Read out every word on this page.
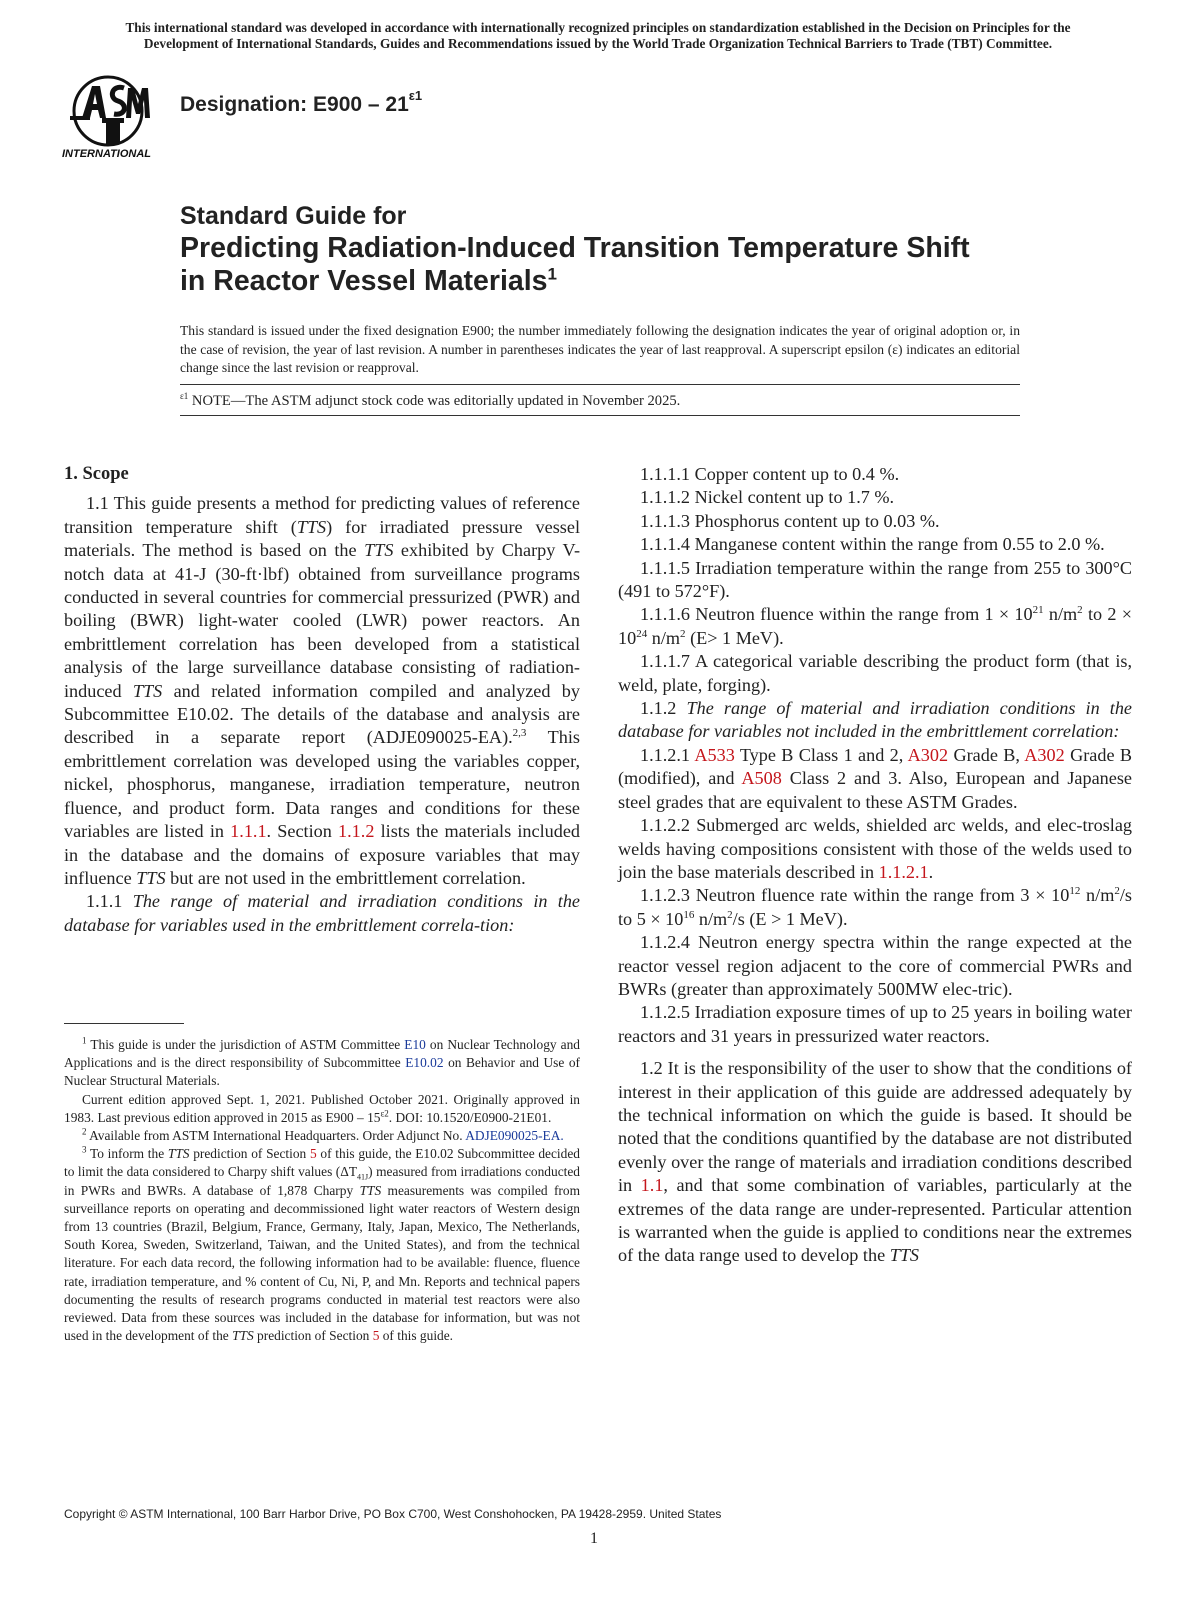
This international standard was developed in accordance with internationally recognized principles on standardization established in the Decision on Principles for the
Development of International Standards, Guides and Recommendations issued by the World Trade Organization Technical Barriers to Trade (TBT) Committee.
INTERNATIONAL
Designation: $E900 - 21^{\varepsilon 1}$
Standard Guide for
Predicting Radiation-Induced Transition Temperature Shift
in Reactor Vessel Materials$^1$
This standard is issued under the fixed designation E900; the number immediately following the designation indicates the year of original adoption or, in the case of revision, the year of last revision. A number in parentheses indicates the year of last reapproval. A superscript epsilon (ε) indicates an editorial change since the last revision or reapproval.
$^{\varepsilon 1}$ NOTE—The ASTM adjunct stock code was editorially updated in November 2025.

1. Scope

1.1 This guide presents a method for predicting values of reference transition temperature shift (TTS) for irradiated pressure vessel materials. The method is based on the TTS exhibited by Charpy V-notch data at 41-J (30-ft·lbf) obtained from surveillance programs conducted in several countries for commercial pressurized (PWR) and boiling (BWR) light-water cooled (LWR) power reactors. An embrittlement correlation has been developed from a statistical analysis of the large surveillance database consisting of radiation-induced TTS and related information compiled and analyzed by Subcommittee E10.02. The details of the database and analysis are described in a separate report (ADJE090025-EA).$^{2,3}$ This embrittlement correlation was developed using the variables copper, nickel, phosphorus, manganese, irradiation temperature, neutron fluence, and product form. Data ranges and conditions for these variables are listed in 1.1.1. Section 1.1.2 lists the materials included in the database and the domains of exposure variables that may influence TTS but are not used in the embrittlement correlation.

1.1.1 The range of material and irradiation conditions in the database for variables used in the embrittlement correla-tion:

$^1$ This guide is under the jurisdiction of ASTM Committee E10 on Nuclear Technology and Applications and is the direct responsibility of Subcommittee E10.02 on Behavior and Use of Nuclear Structural Materials.

Current edition approved Sept. 1, 2021. Published October 2021. Originally approved in 1983. Last previous edition approved in 2015 as $E900 - 15^{\varepsilon 2}$. DOI: 10.1520/E0900-21E01.

$^2$ Available from ASTM International Headquarters. Order Adjunct No. ADJE090025-EA.

$^3$ To inform the TTS prediction of Section 5 of this guide, the E10.02 Subcommittee decided to limit the data considered to Charpy shift values $(\Delta T_{41J})$ measured from irradiations conducted in PWRs and BWRs. A database of 1,878 Charpy TTS measurements was compiled from surveillance reports on operating and decommissioned light water reactors of Western design from 13 countries (Brazil, Belgium, France, Germany, Italy, Japan, Mexico, The Netherlands, South Korea, Sweden, Switzerland, Taiwan, and the United States), and from the technical literature. For each data record, the following information had to be available: fluence, fluence rate, irradiation temperature, and % content of Cu, Ni, P, and Mn. Reports and technical papers documenting the results of research programs conducted in material test reactors were also reviewed. Data from these sources was included in the database for information, but was not used in the development of the TTS prediction of Section 5 of this guide.

1.1.1.1 Copper content up to 0.4 %.

1.1.1.2 Nickel content up to 1.7 %.

1.1.1.3 Phosphorus content up to 0.03 %.

1.1.1.4 Manganese content within the range from 0.55 to 2.0 %.

1.1.1.5 Irradiation temperature within the range from 255 to 300°C (491 to 572°F).

1.1.1.6 Neutron fluence within the range from $1 \times 10^{21}$ $n/m^2$ to $2 \times 10^{24}$ $n/m^2$ (E> 1 MeV).

1.1.1.7 A categorical variable describing the product form (that is, weld, plate, forging).

1.1.2 The range of material and irradiation conditions in the database for variables not included in the embrittlement correlation:

1.1.2.1 A533 Type B Class 1 and 2, A302 Grade B, A302 Grade B (modified), and A508 Class 2 and 3. Also, European and Japanese steel grades that are equivalent to these ASTM Grades.

1.1.2.2 Submerged arc welds, shielded arc welds, and elec-troslag welds having compositions consistent with those of the welds used to join the base materials described in 1.1.2.1.

1.1.2.3 Neutron fluence rate within the range from $3 \times 10^{12}$ $n/m^2/s$ to $5 \times 10^{16}$ $n/m^2/s$ (E > 1 MeV).

1.1.2.4 Neutron energy spectra within the range expected at the reactor vessel region adjacent to the core of commercial PWRs and BWRs (greater than approximately 500MW elec-tric).

1.1.2.5 Irradiation exposure times of up to 25 years in boiling water reactors and 31 years in pressurized water reactors.

1.2 It is the responsibility of the user to show that the conditions of interest in their application of this guide are addressed adequately by the technical information on which the guide is based. It should be noted that the conditions quantified by the database are not distributed evenly over the range of materials and irradiation conditions described in 1.1, and that some combination of variables, particularly at the extremes of the data range are under-represented. Particular attention is warranted when the guide is applied to conditions near the extremes of the data range used to develop the TTS

Copyright © ASTM International, 100 Barr Harbor Drive, PO Box C700, West Conshohocken, PA 19428-2959. United States
1
